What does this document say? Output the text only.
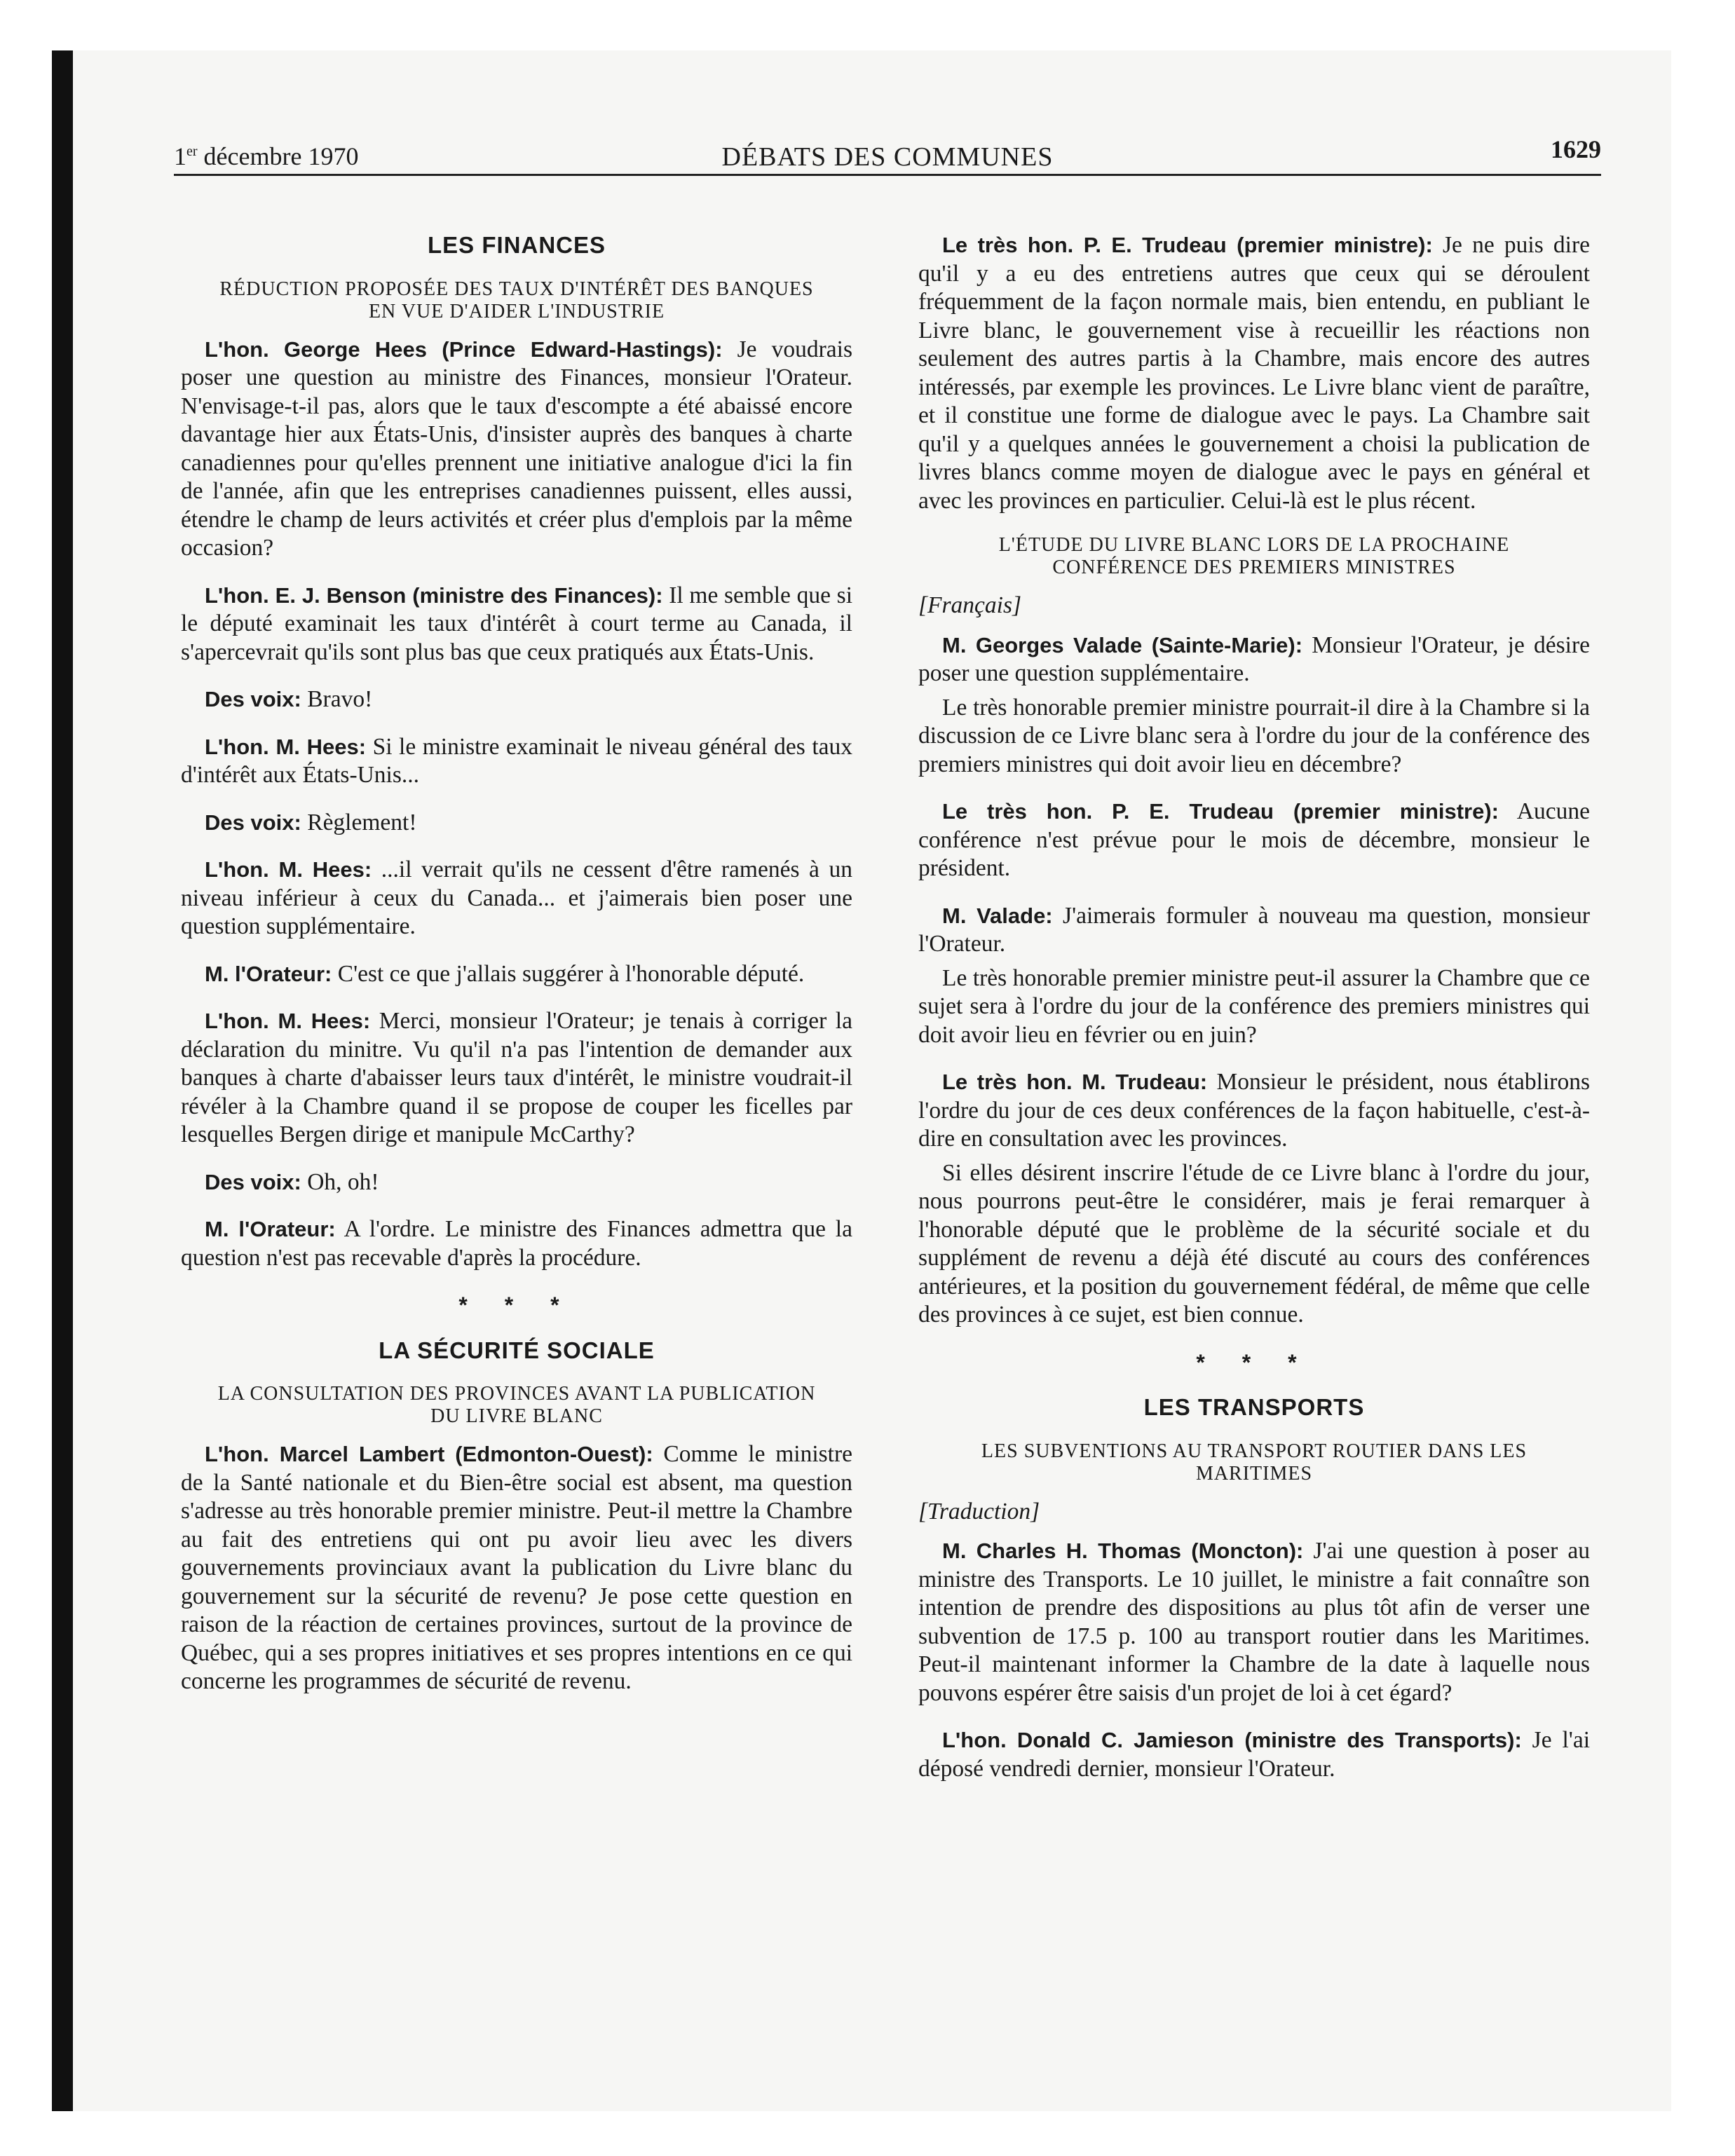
1er décembre 1970	DÉBATS DES COMMUNES	1629
LES FINANCES
RÉDUCTION PROPOSÉE DES TAUX D'INTÉRÊT DES BANQUES EN VUE D'AIDER L'INDUSTRIE

L'hon. George Hees (Prince Edward-Hastings): Je voudrais poser une question au ministre des Finances, monsieur l'Orateur. N'envisage-t-il pas, alors que le taux d'escompte a été abaissé encore davantage hier aux États-Unis, d'insister auprès des banques à charte canadiennes pour qu'elles prennent une initiative analogue d'ici la fin de l'année, afin que les entreprises canadiennes puissent, elles aussi, étendre le champ de leurs activités et créer plus d'emplois par la même occasion?

L'hon. E. J. Benson (ministre des Finances): Il me semble que si le député examinait les taux d'intérêt à court terme au Canada, il s'apercevrait qu'ils sont plus bas que ceux pratiqués aux États-Unis.

Des voix: Bravo!

L'hon. M. Hees: Si le ministre examinait le niveau général des taux d'intérêt aux États-Unis...

Des voix: Règlement!

L'hon. M. Hees: ...il verrait qu'ils ne cessent d'être ramenés à un niveau inférieur à ceux du Canada... et j'aimerais bien poser une question supplémentaire.

M. l'Orateur: C'est ce que j'allais suggérer à l'honorable député.

L'hon. M. Hees: Merci, monsieur l'Orateur; je tenais à corriger la déclaration du minitre. Vu qu'il n'a pas l'intention de demander aux banques à charte d'abaisser leurs taux d'intérêt, le ministre voudrait-il révéler à la Chambre quand il se propose de couper les ficelles par lesquelles Bergen dirige et manipule McCarthy?

Des voix: Oh, oh!

M. l'Orateur: A l'ordre. Le ministre des Finances admettra que la question n'est pas recevable d'après la procédure.

* * *
LA SÉCURITÉ SOCIALE
LA CONSULTATION DES PROVINCES AVANT LA PUBLICATION DU LIVRE BLANC

L'hon. Marcel Lambert (Edmonton-Ouest): Comme le ministre de la Santé nationale et du Bien-être social est absent, ma question s'adresse au très honorable premier ministre. Peut-il mettre la Chambre au fait des entretiens qui ont pu avoir lieu avec les divers gouvernements provinciaux avant la publication du Livre blanc du gouvernement sur la sécurité de revenu? Je pose cette question en raison de la réaction de certaines provinces, surtout de la province de Québec, qui a ses propres initiatives et ses propres intentions en ce qui concerne les programmes de sécurité de revenu.

Le très hon. P. E. Trudeau (premier ministre): Je ne puis dire qu'il y a eu des entretiens autres que ceux qui se déroulent fréquemment de la façon normale mais, bien entendu, en publiant le Livre blanc, le gouvernement vise à recueillir les réactions non seulement des autres partis à la Chambre, mais encore des autres intéressés, par exemple les provinces. Le Livre blanc vient de paraître, et il constitue une forme de dialogue avec le pays. La Chambre sait qu'il y a quelques années le gouvernement a choisi la publication de livres blancs comme moyen de dialogue avec le pays en général et avec les provinces en particulier. Celui-là est le plus récent.

L'ÉTUDE DU LIVRE BLANC LORS DE LA PROCHAINE CONFÉRENCE DES PREMIERS MINISTRES
[Français]

M. Georges Valade (Sainte-Marie): Monsieur l'Orateur, je désire poser une question supplémentaire.

Le très honorable premier ministre pourrait-il dire à la Chambre si la discussion de ce Livre blanc sera à l'ordre du jour de la conférence des premiers ministres qui doit avoir lieu en décembre?

Le très hon. P. E. Trudeau (premier ministre): Aucune conférence n'est prévue pour le mois de décembre, monsieur le président.

M. Valade: J'aimerais formuler à nouveau ma question, monsieur l'Orateur.

Le très honorable premier ministre peut-il assurer la Chambre que ce sujet sera à l'ordre du jour de la conférence des premiers ministres qui doit avoir lieu en février ou en juin?

Le très hon. M. Trudeau: Monsieur le président, nous établirons l'ordre du jour de ces deux conférences de la façon habituelle, c'est-à-dire en consultation avec les provinces.

Si elles désirent inscrire l'étude de ce Livre blanc à l'ordre du jour, nous pourrons peut-être le considérer, mais je ferai remarquer à l'honorable député que le problème de la sécurité sociale et du supplément de revenu a déjà été discuté au cours des conférences antérieures, et la position du gouvernement fédéral, de même que celle des provinces à ce sujet, est bien connue.

* * *
LES TRANSPORTS
LES SUBVENTIONS AU TRANSPORT ROUTIER DANS LES MARITIMES
[Traduction]

M. Charles H. Thomas (Moncton): J'ai une question à poser au ministre des Transports. Le 10 juillet, le ministre a fait connaître son intention de prendre des dispositions au plus tôt afin de verser une subvention de 17.5 p. 100 au transport routier dans les Maritimes. Peut-il maintenant informer la Chambre de la date à laquelle nous pouvons espérer être saisis d'un projet de loi à cet égard?

L'hon. Donald C. Jamieson (ministre des Transports): Je l'ai déposé vendredi dernier, monsieur l'Orateur.
